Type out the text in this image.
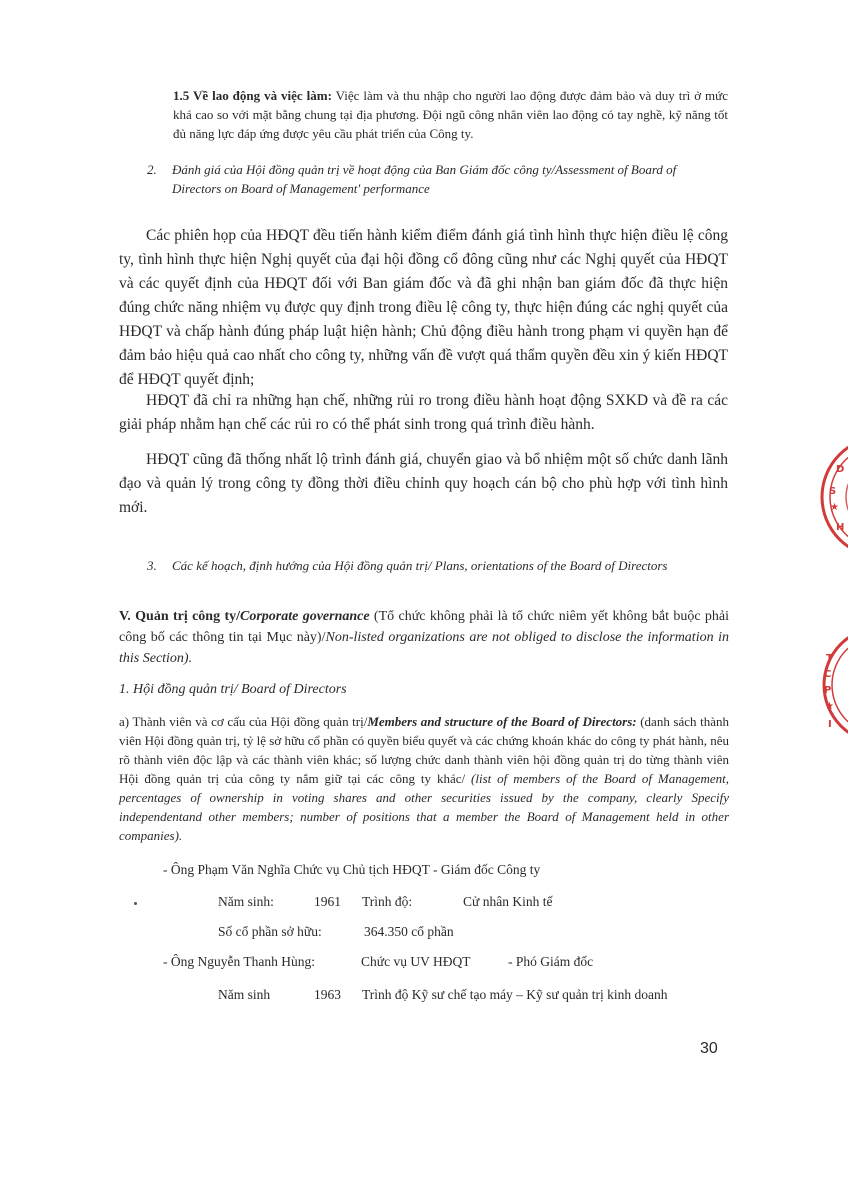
1.5 Về lao động và việc làm: Việc làm và thu nhập cho người lao động được đảm bảo và duy trì ở mức khá cao so với mặt bằng chung tại địa phương. Đội ngũ công nhân viên lao động có tay nghề, kỹ năng tốt đủ năng lực đáp ứng được yêu cầu phát triển của Công ty.
2.	Đánh giá của Hội đồng quản trị về hoạt động của Ban Giám đốc công ty/Assessment of Board of Directors on Board of Management' performance
Các phiên họp của HĐQT đều tiến hành kiểm điểm đánh giá tình hình thực hiện điều lệ công ty, tình hình thực hiện Nghị quyết của đại hội đồng cổ đông cũng như các Nghị quyết của HĐQT và các quyết định của HĐQT đối với Ban giám đốc và đã ghi nhận ban giám đốc đã thực hiện đúng chức năng nhiệm vụ được quy định trong điều lệ công ty, thực hiện đúng các nghị quyết của HĐQT và chấp hành đúng pháp luật hiện hành; Chủ động điều hành trong phạm vi quyền hạn để đảm bảo hiệu quả cao nhất cho công ty, những vấn đề vượt quá thẩm quyền đều xin ý kiến HĐQT để HĐQT quyết định;
HĐQT đã chỉ ra những hạn chế, những rủi ro trong điều hành hoạt động SXKD và đề ra các giải pháp nhằm hạn chế các rủi ro có thể phát sinh trong quá trình điều hành.
HĐQT cũng đã thống nhất lộ trình đánh giá, chuyển giao và bổ nhiệm một số chức danh lãnh đạo và quản lý trong công ty đồng thời điều chỉnh quy hoạch cán bộ cho phù hợp với tình hình mới.
3.	Các kế hoạch, định hướng của Hội đồng quản trị/ Plans, orientations of the Board of Directors
V. Quản trị công ty/Corporate governance (Tổ chức không phải là tổ chức niêm yết không bắt buộc phải công bố các thông tin tại Mục này)/Non-listed organizations are not obliged to disclose the information in this Section).
1. Hội đồng quản trị/ Board of Directors
a) Thành viên và cơ cấu của Hội đồng quản trị/Members and structure of the Board of Directors: (danh sách thành viên Hội đồng quản trị, tỷ lệ sở hữu cổ phần có quyền biểu quyết và các chứng khoán khác do công ty phát hành, nêu rõ thành viên độc lập và các thành viên khác; số lượng chức danh thành viên hội đồng quản trị do từng thành viên Hội đồng quản trị của công ty nắm giữ tại các công ty khác/ (list of members of the Board of Management, percentages of ownership in voting shares and other securities issued by the company, clearly Specify independentand other members; number of positions that a member the Board of Management held in other companies).
- Ông Phạm Văn Nghĩa Chức vụ Chủ tịch HĐQT - Giám đốc Công ty
Năm sinh:	1961 Trình độ:	Cử nhân Kinh tế
Số cổ phần sở hữu:	364.350 cổ phần
- Ông Nguyễn Thanh Hùng:	Chức vụ UV HĐQT	- Phó Giám đốc
Năm sinh	1963 Trình độ Kỹ sư chế tạo máy – Kỹ sư quản trị kinh doanh
30
D
S
★
H
T
C
P
★
I
